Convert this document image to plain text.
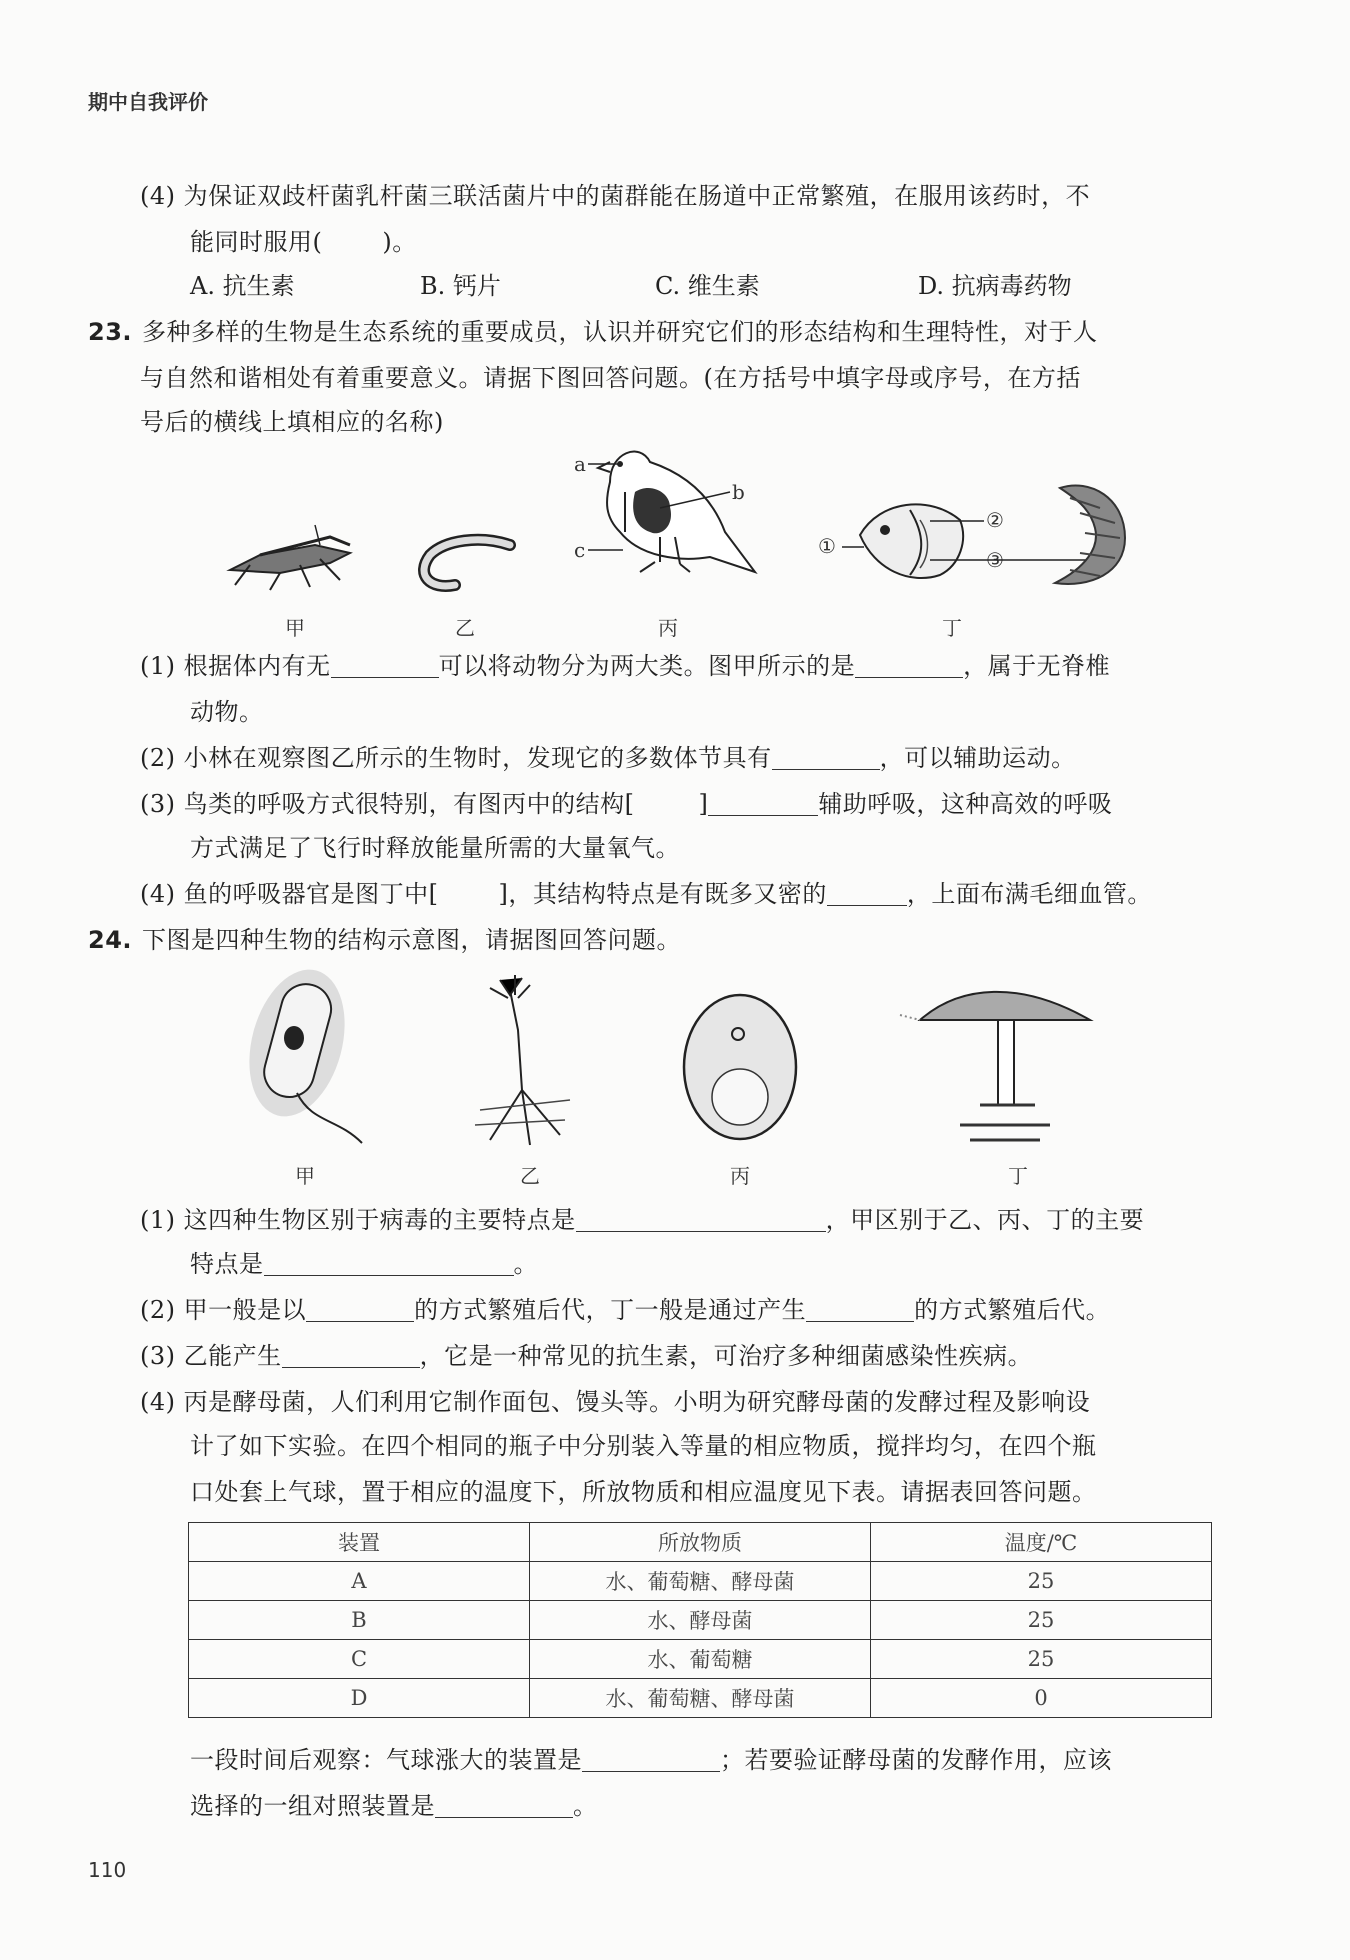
期中自我评价
(4) 为保证双歧杆菌乳杆菌三联活菌片中的菌群能在肠道中正常繁殖，在服用该药时，不
能同时服用(	)。
A. 抗生素	B. 钙片	C. 维生素	D. 抗病毒药物
23. 多种多样的生物是生态系统的重要成员，认识并研究它们的形态结构和生理特性，对于人
与自然和谐相处有着重要意义。请据下图回答问题。(在方括号中填字母或序号，在方括
号后的横线上填相应的名称)
a
b
c	①
②
③
甲	乙	丙	丁
(1) 根据体内有无	可以将动物分为两大类。图甲所示的是	，属于无脊椎
动物。
(2) 小林在观察图乙所示的生物时，发现它的多数体节具有	，可以辅助运动。
(3) 鸟类的呼吸方式很特别，有图丙中的结构[	]	辅助呼吸，这种高效的呼吸
方式满足了飞行时释放能量所需的大量氧气。
(4) 鱼的呼吸器官是图丁中[	]，其结构特点是有既多又密的	，上面布满毛细血管。
24. 下图是四种生物的结构示意图，请据图回答问题。
甲	乙	丙	丁
(1) 这四种生物区别于病毒的主要特点是	，甲区别于乙、丙、丁的主要
特点是	。
(2) 甲一般是以	的方式繁殖后代，丁一般是通过产生	的方式繁殖后代。
(3) 乙能产生	，它是一种常见的抗生素，可治疗多种细菌感染性疾病。
(4) 丙是酵母菌，人们利用它制作面包、馒头等。小明为研究酵母菌的发酵过程及影响设
计了如下实验。在四个相同的瓶子中分别装入等量的相应物质，搅拌均匀，在四个瓶
口处套上气球，置于相应的温度下，所放物质和相应温度见下表。请据表回答问题。
装置	所放物质	温度/℃
A	水、葡萄糖、酵母菌	25
B	水、酵母菌	25
C	水、葡萄糖	25
D	水、葡萄糖、酵母菌	0
一段时间后观察：气球涨大的装置是	；若要验证酵母菌的发酵作用，应该
选择的一组对照装置是	。
110
